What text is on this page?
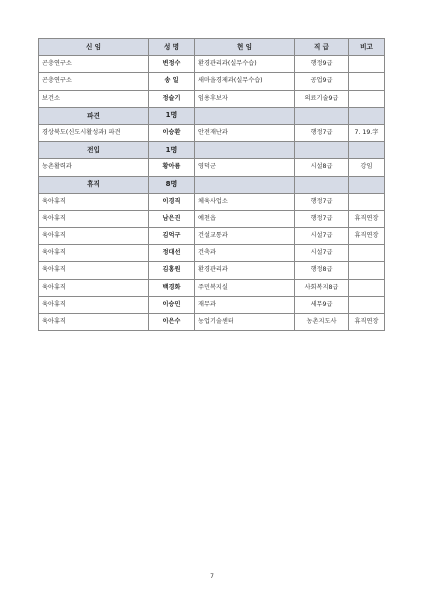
신 임	성 명	현 임	직 급	비고
곤충연구소	변정수	환경관리과(실무수습)	행정9급	
곤충연구소	송 일	새마을경제과(실무수습)	공업9급	
보건소	정슬기	임용후보자	의료기술9급	
파견	1명			
경상북도(신도시활성과) 파견	이승환	안전재난과	행정7급	7. 19.字
전입	1명			
농촌활력과	황아름	영덕군	시설8급	강임
휴직	8명			
육아휴직	이경직	체육사업소	행정7급	
육아휴직	남은진	예천읍	행정7급	휴직연장
육아휴직	김억구	건설교통과	시설7급	휴직연장
육아휴직	정대선	건축과	시설7급	
육아휴직	김홍원	환경관리과	행정8급	
육아휴직	백경화	주민복지실	사회복지8급	
육아휴직	이승민	재무과	세무9급	
육아휴직	이은수	농업기술센터	농촌지도사	휴직연장
7
